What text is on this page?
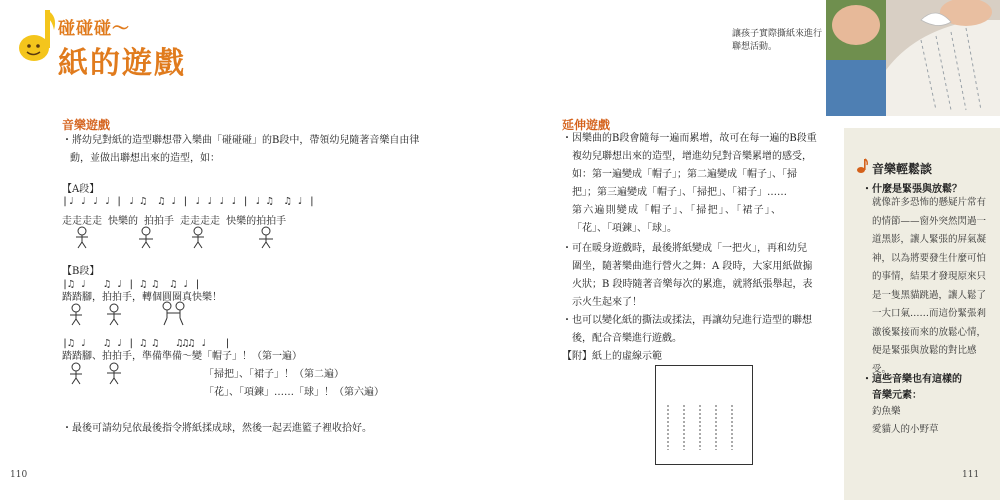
碰碰碰～
紙的遊戲
音樂遊戲
・將幼兒對紙的造型聯想帶入樂曲「碰碰碰」的B段中，帶領幼兒隨著音樂自由律
動，並做出聯想出來的造型，如：
【A段】
|♩ ♩ ♩ ♩ | ♩ ♫  ♫ ♩ | ♩ ♩ ♩ ♩ | ♩ ♫  ♫ ♩ |
走走走走 快樂的 拍拍手 走走走走 快樂的拍拍手
【B段】
|♫ ♩   ♫ ♩ | ♫ ♫  ♫ ♩ |
踏踏腳，拍拍手，轉個圓圈真快樂！
|♫ ♩   ♫ ♩ | ♫ ♫   ♫♫♫ ♩   |
踏踏腳、拍拍手，準備準備～變「帽子」！（第一遍）
「掃把」、「裙子」！（第二遍）
「花」、「項鍊」……「球」！（第六遍）
・最後可請幼兒依最後指令將紙揉成球，然後一起丟進籃子裡收拾好。
110
讓孩子實際撕紙來進行聯想活動。
延伸遊戲
・因樂曲的B段會隨每一遍而累增，故可在每一遍的B段重
複幼兒聯想出來的造型，增進幼兒對音樂累增的感受，
如：第一遍變成「帽子」；第二遍變成「帽子」、「掃
把」；第三遍變成「帽子」、「掃把」、「裙子」……
第六遍則變成「帽子」、「掃把」、「裙子」、
「花」、「項鍊」、「球」。
・可在暖身遊戲時，最後將紙變成「一把火」，再和幼兒
圍坐，隨著樂曲進行營火之舞：A 段時，大家用紙做搧
火狀；B 段時隨著音樂每次的累進，就將紙張舉起，表
示火生起來了！
・也可以變化紙的撕法或揉法，再讓幼兒進行造型的聯想
後，配合音樂進行遊戲。
【附】紙上的虛線示範
音樂輕鬆談
・什麼是緊張與放鬆？
就像許多恐怖的懸疑片常有
的情節——窗外突然閃過一
道黑影，讓人緊張的屏氣凝
神，以為將要發生什麼可怕
的事情，結果才發現原來只
是一隻黑貓跳過，讓人鬆了
一大口氣……而這份緊張剎
激後緊接而來的放鬆心情，
便是緊張與放鬆的對比感
受。
・這些音樂也有這樣的
音樂元素：
釣魚樂
愛貓人的小野草
111
